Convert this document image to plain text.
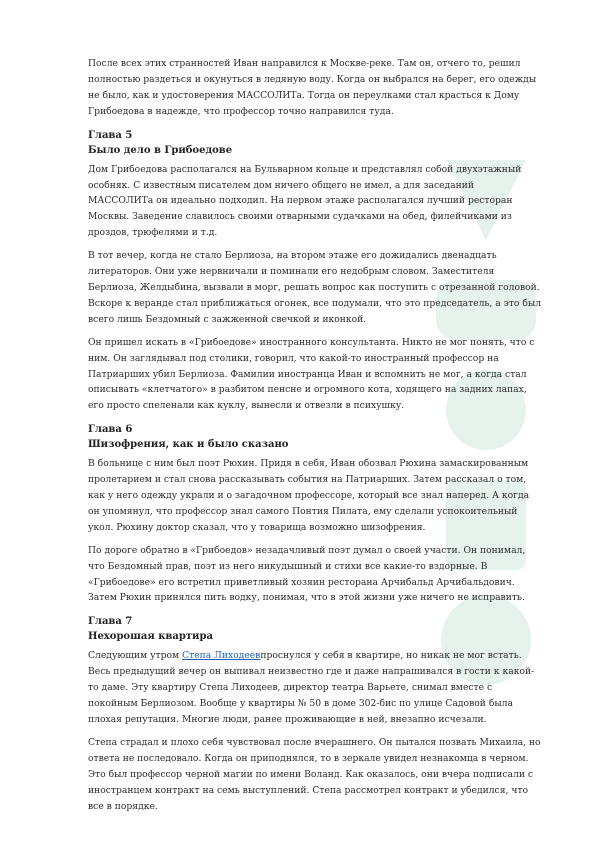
После всех этих странностей Иван направился к Москве-реке. Там он, отчего то, решил полностью раздеться и окунуться в ледяную воду. Когда он выбрался на берег, его одежды не было, как и удостоверения МАССОЛИТа. Тогда он переулками стал красться к Дому Грибоедова в надежде, что профессор точно направился туда.

Глава 5
Было дело в Грибоедове

Дом Грибоедова располагался на Бульварном кольце и представлял собой двухэтажный особняк. С известным писателем дом ничего общего не имел, а для заседаний МАССОЛИТа он идеально подходил. На первом этаже располагался лучший ресторан Москвы. Заведение славилось своими отварными судачками на обед, филейчиками из дроздов, трюфелями и т.д.

В тот вечер, когда не стало Берлиоза, на втором этаже его дожидались двенадцать литераторов. Они уже нервничали и поминали его недобрым словом. Заместителя Берлиоза, Желдыбина, вызвали в морг, решать вопрос как поступить с отрезанной головой. Вскоре к веранде стал приближаться огонек, все подумали, что это председатель, а это был всего лишь Бездомный с зажженной свечкой и иконкой.

Он пришел искать в «Грибоедове» иностранного консультанта. Никто не мог понять, что с ним. Он заглядывал под столики, говорил, что какой-то иностранный профессор на Патриарших убил Берлиоза. Фамилии иностранца Иван и вспомнить не мог, а когда стал описывать «клетчатого» в разбитом пенсне и огромного кота, ходящего на задних лапах, его просто спеленали как куклу, вынесли и отвезли в психушку.

Глава 6
Шизофрения, как и было сказано

В больнице с ним был поэт Рюхин. Придя в себя, Иван обозвал Рюхина замаскированным пролетарием и стал снова рассказывать события на Патриарших. Затем рассказал о том, как у него одежду украли и о загадочном профессоре, который все знал наперед. А когда он упомянул, что профессор знал самого Понтия Пилата, ему сделали успокоительный укол. Рюхину доктор сказал, что у товарища возможно шизофрения.

По дороге обратно в «Грибоедов» незадачливый поэт думал о своей участи. Он понимал, что Бездомный прав, поэт из него никудышный и стихи все какие-то вздорные. В «Грибоедове» его встретил приветливый хозяин ресторана Арчибальд Арчибальдович. Затем Рюхин принялся пить водку, понимая, что в этой жизни уже ничего не исправить.

Глава 7
Нехорошая квартира

Следующим утром Степа Лиходеевпроснулся у себя в квартире, но никак не мог встать. Весь предыдущий вечер он выпивал неизвестно где и даже напрашивался в гости к какой-то даме. Эту квартиру Степа Лиходеев, директор театра Варьете, снимал вместе с покойным Берлиозом. Вообще у квартиры № 50 в доме 302-бис по улице Садовой была плохая репутация. Многие люди, ранее проживающие в ней, внезапно исчезали.

Степа страдал и плохо себя чувствовал после вчерашнего. Он пытался позвать Михаила, но ответа не последовало. Когда он приподнялся, то в зеркале увидел незнакомца в черном. Это был профессор черной магии по имени Воланд. Как оказалось, они вчера подписали с иностранцем контракт на семь выступлений. Степа рассмотрел контракт и убедился, что все в порядке.
